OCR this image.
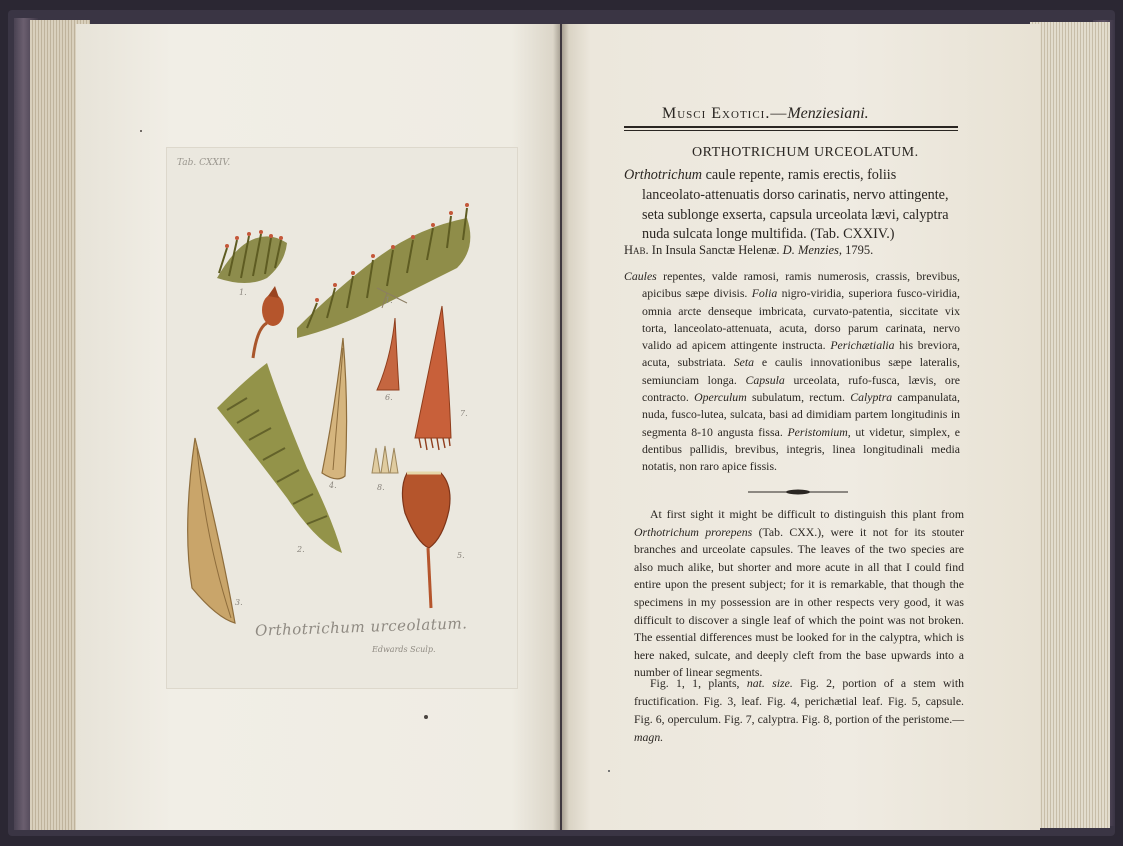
Tab. CXXIV.
1.
1.
2.
3.
4.
5.
6.
7.
8.
Orthotrichum urceolatum.
Edwards Sculp.
Musci Exotici.—Menziesiani.
ORTHOTRICHUM URCEOLATUM.
Orthotrichum caule repente, ramis erectis, foliis lanceolato-attenuatis dorso carinatis, nervo attingente, seta sublonge exserta, capsula urceolata lævi, calyptra nuda sulcata longe multifida. (Tab. CXXIV.)
Hab. In Insula Sanctæ Helenæ. D. Menzies, 1795.
Caules repentes, valde ramosi, ramis numerosis, crassis, brevibus, apicibus sæpe divisis. Folia nigro-viridia, superiora fusco-viridia, omnia arcte denseque imbricata, curvato-patentia, siccitate vix torta, lanceolato-attenuata, acuta, dorso parum carinata, nervo valido ad apicem attingente instructa. Perichætialia his breviora, acuta, substriata. Seta e caulis innovationibus sæpe lateralis, semiunciam longa. Capsula urceolata, rufo-fusca, lævis, ore contracto. Operculum subulatum, rectum. Calyptra campanulata, nuda, fusco-lutea, sulcata, basi ad dimidiam partem longitudinis in segmenta 8-10 angusta fissa. Peristomium, ut videtur, simplex, e dentibus pallidis, brevibus, integris, linea longitudinali media notatis, non raro apice fissis.
At first sight it might be difficult to distinguish this plant from Orthotrichum prorepens (Tab. CXX.), were it not for its stouter branches and urceolate capsules. The leaves of the two species are also much alike, but shorter and more acute in all that I could find entire upon the present subject; for it is remarkable, that though the specimens in my possession are in other respects very good, it was difficult to discover a single leaf of which the point was not broken. The essential differences must be looked for in the calyptra, which is here naked, sulcate, and deeply cleft from the base upwards into a number of linear segments.
Fig. 1, 1, plants, nat. size. Fig. 2, portion of a stem with fructification. Fig. 3, leaf. Fig. 4, perichætial leaf. Fig. 5, capsule. Fig. 6, operculum. Fig. 7, calyptra. Fig. 8, portion of the peristome.—magn.
